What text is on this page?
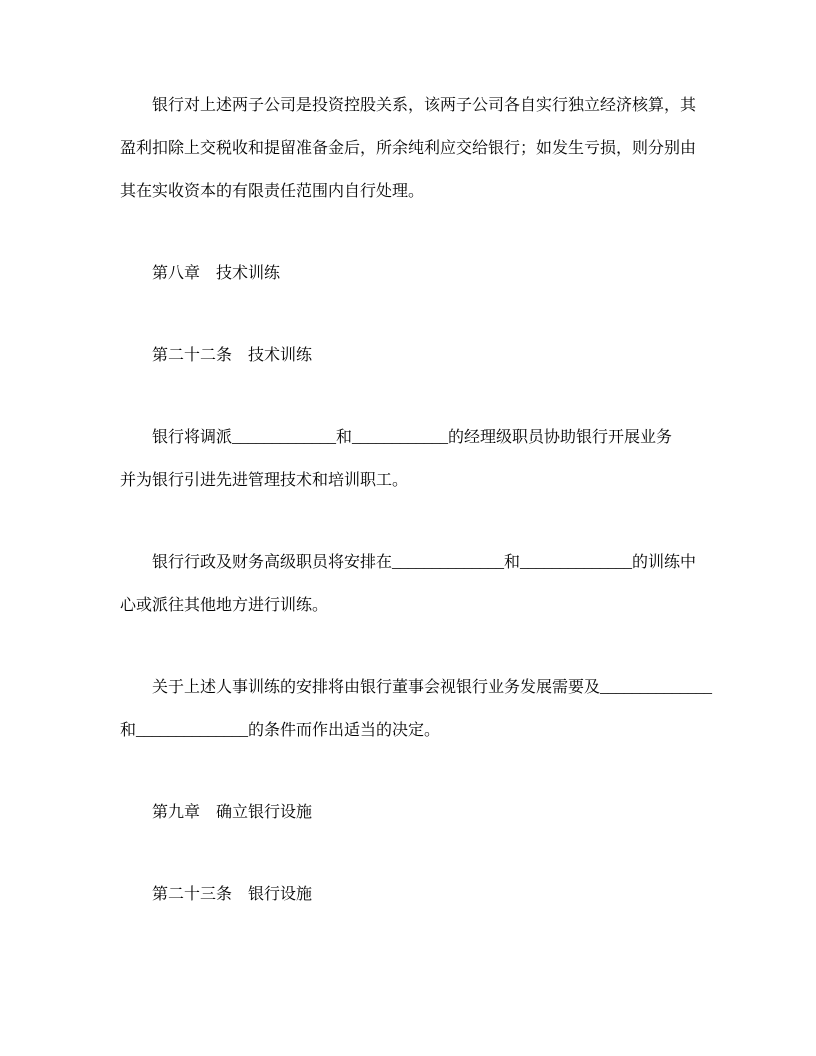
银行对上述两子公司是投资控股关系，该两子公司各自实行独立经济核算，其
盈利扣除上交税收和提留准备金后，所余纯利应交给银行；如发生亏损，则分别由
其在实收资本的有限责任范围内自行处理。
第八章　技术训练
第二十二条　技术训练
银行将调派_____________和____________的经理级职员协助银行开展业务
并为银行引进先进管理技术和培训职工。
银行行政及财务高级职员将安排在______________和______________的训练中
心或派往其他地方进行训练。
关于上述人事训练的安排将由银行董事会视银行业务发展需要及______________
和______________的条件而作出适当的决定。
第九章　确立银行设施
第二十三条　银行设施
